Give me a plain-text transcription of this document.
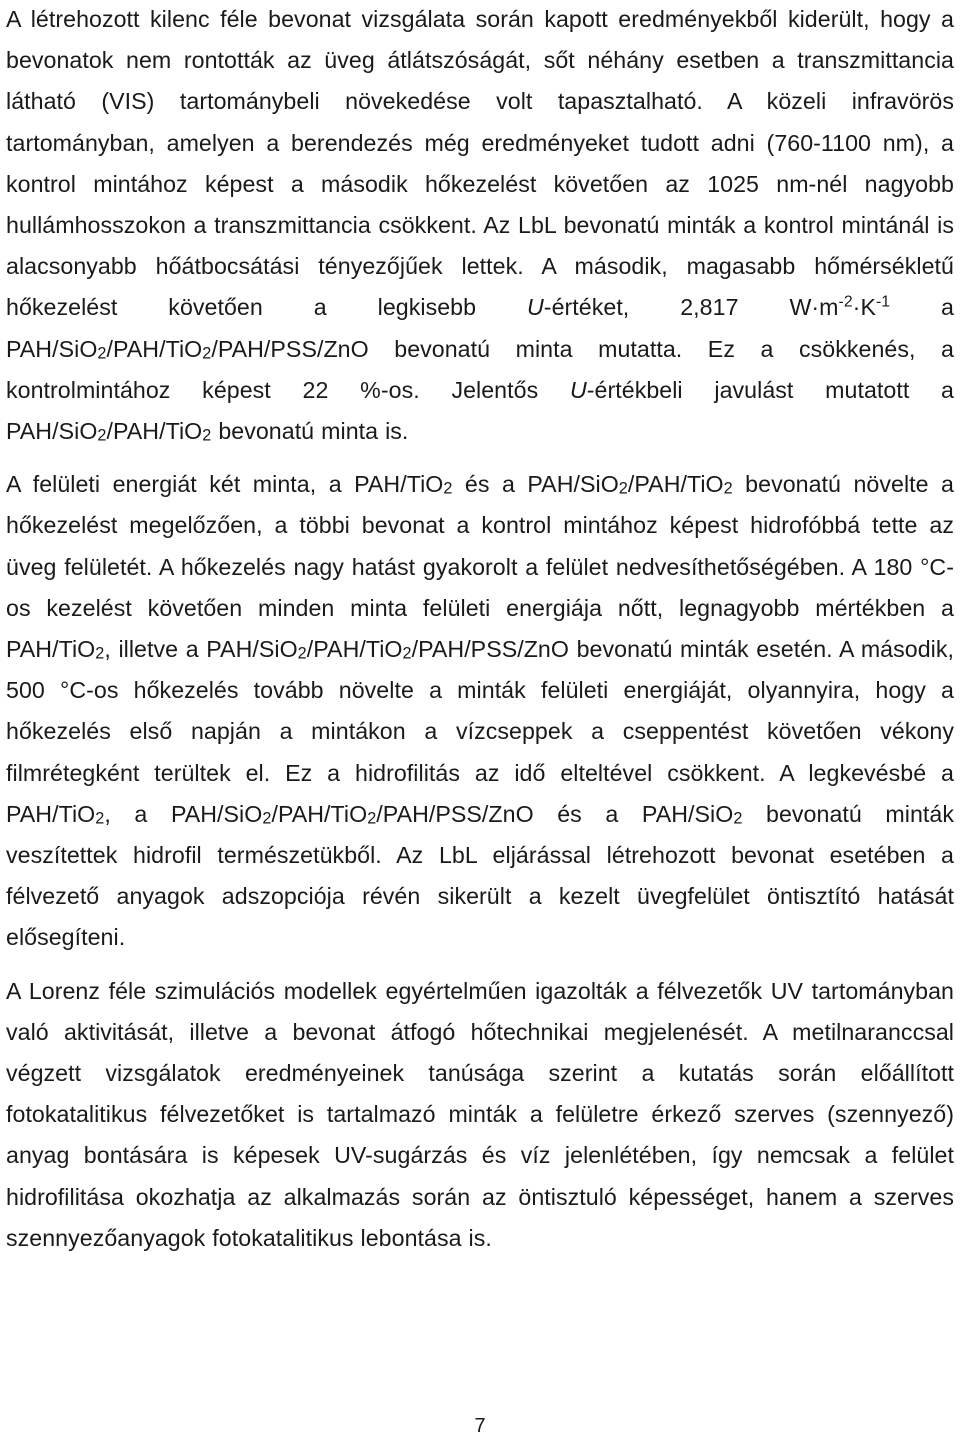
A létrehozott kilenc féle bevonat vizsgálata során kapott eredményekből kiderült, hogy a bevonatok nem rontották az üveg átlátszóságát, sőt néhány esetben a transzmittancia látható (VIS) tartománybeli növekedése volt tapasztalható. A közeli infravörös tartományban, amelyen a berendezés még eredményeket tudott adni (760-1100 nm), a kontrol mintához képest a második hőkezelést követően az 1025 nm-nél nagyobb hullámhosszokon a transzmittancia csökkent. Az LbL bevonatú minták a kontrol mintánál is alacsonyabb hőátbocsátási tényezőjűek lettek. A második, magasabb hőmérsékletű hőkezelést követően a legkisebb U-értéket, 2,817 $W\cdot m^{-2}\cdot K^{-1}$ a PAH/SiO$_2$/PAH/TiO$_2$/PAH/PSS/ZnO bevonatú minta mutatta. Ez a csökkenés, a kontrolmintához képest 22 %-os. Jelentős U-értékbeli javulást mutatott a PAH/SiO$_2$/PAH/TiO$_2$ bevonatú minta is.

A felületi energiát két minta, a PAH/TiO$_2$ és a PAH/SiO$_2$/PAH/TiO$_2$ bevonatú növelte a hőkezelést megelőzően, a többi bevonat a kontrol mintához képest hidrofóbbá tette az üveg felületét. A hőkezelés nagy hatást gyakorolt a felület nedvesíthetőségében. A 180 °C-os kezelést követően minden minta felületi energiája nőtt, legnagyobb mértékben a PAH/TiO$_2$, illetve a PAH/SiO$_2$/PAH/TiO$_2$/PAH/PSS/ZnO bevonatú minták esetén. A második, 500 °C-os hőkezelés tovább növelte a minták felületi energiáját, olyannyira, hogy a hőkezelés első napján a mintákon a vízcseppek a cseppentést követően vékony filmrétegként terültek el. Ez a hidrofilitás az idő elteltével csökkent. A legkevésbé a PAH/TiO$_2$, a PAH/SiO$_2$/PAH/TiO$_2$/PAH/PSS/ZnO és a PAH/SiO$_2$ bevonatú minták veszítettek hidrofil természetükből. Az LbL eljárással létrehozott bevonat esetében a félvezető anyagok adszopciója révén sikerült a kezelt üvegfelület öntisztító hatását elősegíteni.

A Lorenz féle szimulációs modellek egyértelműen igazolták a félvezetők UV tartományban való aktivitását, illetve a bevonat átfogó hőtechnikai megjelenését. A metilnaranccsal végzett vizsgálatok eredményeinek tanúsága szerint a kutatás során előállított fotokatalitikus félvezetőket is tartalmazó minták a felületre érkező szerves (szennyező) anyag bontására is képesek UV-sugárzás és víz jelenlétében, így nemcsak a felület hidrofilitása okozhatja az alkalmazás során az öntisztuló képességet, hanem a szerves szennyezőanyagok fotokatalitikus lebontása is.

7
